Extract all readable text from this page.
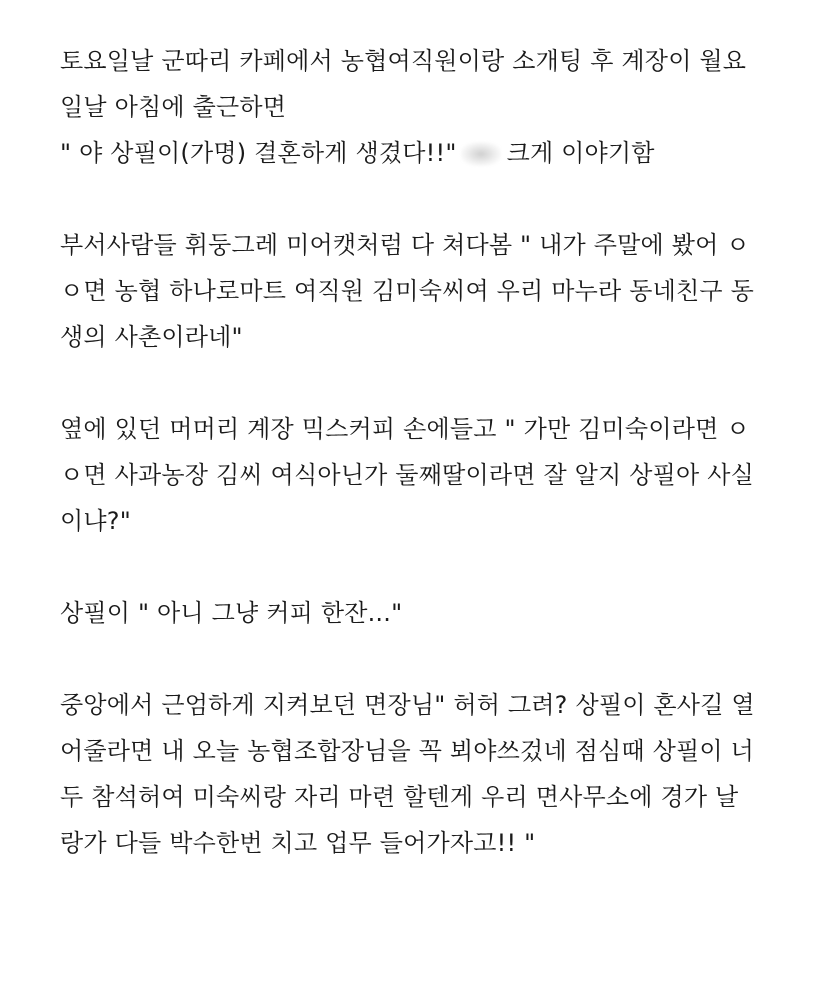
토요일날 군따리 카페에서 농협여직원이랑 소개팅 후 계장이 월요
일날 아침에 출근하면
" 야 상필이(가명) 결혼하게 생겼다!!" 크게 이야기함
부서사람들 휘둥그레 미어캣처럼 다 쳐다봄 " 내가 주말에 봤어 ㅇ
ㅇ면 농협 하나로마트 여직원 김미숙씨여 우리 마누라 동네친구 동
생의 사촌이라네"
옆에 있던 머머리 계장 믹스커피 손에들고 " 가만 김미숙이라면 ㅇ
ㅇ면 사과농장 김씨 여식아닌가 둘째딸이라면 잘 알지 상필아 사실
이냐?"
상필이 " 아니 그냥 커피 한잔..."
중앙에서 근엄하게 지켜보던 면장님" 허허 그려? 상필이 혼사길 열
어줄라면 내 오늘 농협조합장님을 꼭 뵈야쓰겄네 점심때 상필이 너
두 참석허여 미숙씨랑 자리 마련 할텐게 우리 면사무소에 경가 날
랑가 다들 박수한번 치고 업무 들어가자고!! "
